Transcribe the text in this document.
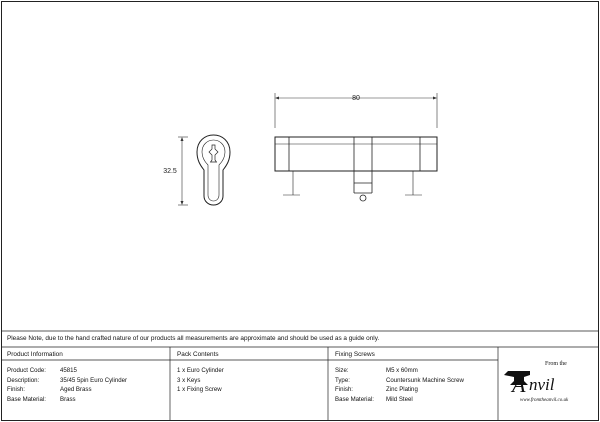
32.5
80
Please Note, due to the hand crafted nature of our products all measurements are approximate and should be used as a guide only.
Product Information
Product Code: 45815
Description:	35/45 5pin Euro Cylinder
Finish:	Aged Brass
Base Material: Brass
Pack Contents
1 x Euro Cylinder
3 x Keys
1 x Fixing Screw
Fixing Screws
Size:	M5 x 60mm
Type:	Countersunk Machine Screw
Finish:	Zinc Plating
Base Material: Mild Steel
From the
A nvil
www.fromtheanvil.co.uk
